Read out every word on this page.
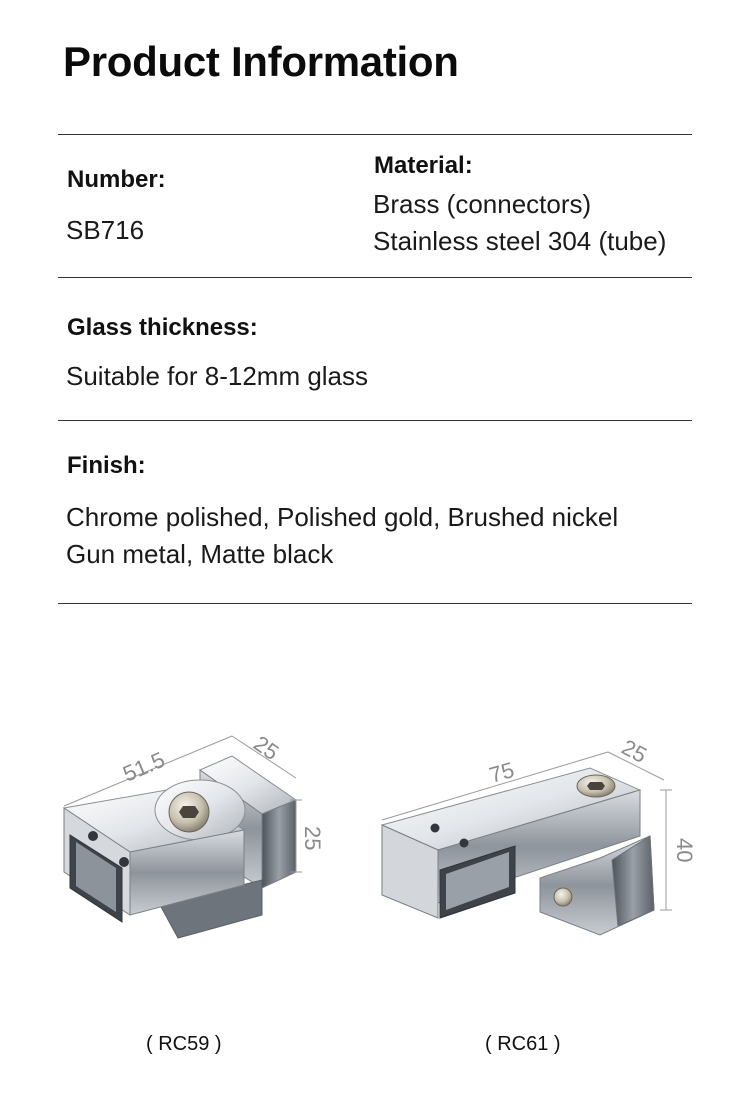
Product Information
Number:
SB716
Material:
Brass (connectors)
Stainless steel 304 (tube)
Glass thickness:
Suitable for 8-12mm glass
Finish:
Chrome polished, Polished gold, Brushed nickel
Gun metal, Matte black
51.5	25
25
75
25
40
( RC59 )	( RC61 )
